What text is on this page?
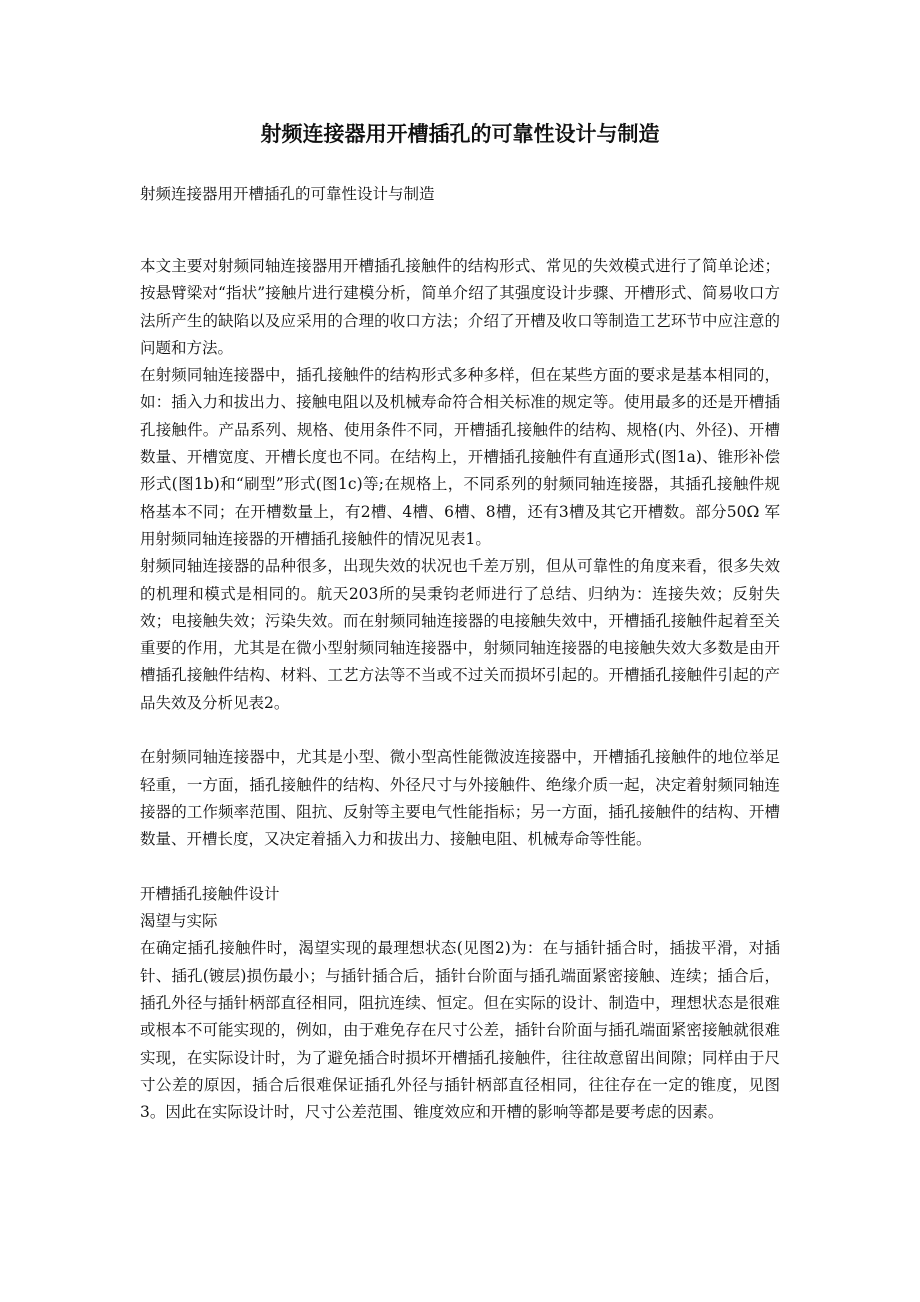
射频连接器用开槽插孔的可靠性设计与制造

射频连接器用开槽插孔的可靠性设计与制造

本文主要对射频同轴连接器用开槽插孔接触件的结构形式、常见的失效模式进行了简单论述；按悬臂梁对“指状”接触片进行建模分析，简单介绍了其强度设计步骤、开槽形式、简易收口方法所产生的缺陷以及应采用的合理的收口方法；介绍了开槽及收口等制造工艺环节中应注意的问题和方法。

在射频同轴连接器中，插孔接触件的结构形式多种多样，但在某些方面的要求是基本相同的，如：插入力和拔出力、接触电阻以及机械寿命符合相关标准的规定等。使用最多的还是开槽插孔接触件。产品系列、规格、使用条件不同，开槽插孔接触件的结构、规格(内、外径)、开槽数量、开槽宽度、开槽长度也不同。在结构上，开槽插孔接触件有直通形式(图1a)、锥形补偿形式(图1b)和“刷型”形式(图1c)等;在规格上，不同系列的射频同轴连接器，其插孔接触件规格基本不同；在开槽数量上，有2槽、4槽、6槽、8槽，还有3槽及其它开槽数。部分50Ω 军用射频同轴连接器的开槽插孔接触件的情况见表1。

射频同轴连接器的品种很多，出现失效的状况也千差万别，但从可靠性的角度来看，很多失效的机理和模式是相同的。航天203所的吴秉钧老师进行了总结、归纳为：连接失效；反射失效；电接触失效；污染失效。而在射频同轴连接器的电接触失效中，开槽插孔接触件起着至关重要的作用，尤其是在微小型射频同轴连接器中，射频同轴连接器的电接触失效大多数是由开槽插孔接触件结构、材料、工艺方法等不当或不过关而损坏引起的。开槽插孔接触件引起的产品失效及分析见表2。

在射频同轴连接器中，尤其是小型、微小型高性能微波连接器中，开槽插孔接触件的地位举足轻重，一方面，插孔接触件的结构、外径尺寸与外接触件、绝缘介质一起，决定着射频同轴连接器的工作频率范围、阻抗、反射等主要电气性能指标；另一方面，插孔接触件的结构、开槽数量、开槽长度，又决定着插入力和拔出力、接触电阻、机械寿命等性能。

开槽插孔接触件设计

渴望与实际

在确定插孔接触件时，渴望实现的最理想状态(见图2)为：在与插针插合时，插拔平滑，对插针、插孔(镀层)损伤最小；与插针插合后，插针台阶面与插孔端面紧密接触、连续；插合后，插孔外径与插针柄部直径相同，阻抗连续、恒定。但在实际的设计、制造中，理想状态是很难或根本不可能实现的，例如，由于难免存在尺寸公差，插针台阶面与插孔端面紧密接触就很难实现，在实际设计时，为了避免插合时损坏开槽插孔接触件，往往故意留出间隙；同样由于尺寸公差的原因，插合后很难保证插孔外径与插针柄部直径相同，往往存在一定的锥度，见图3。因此在实际设计时，尺寸公差范围、锥度效应和开槽的影响等都是要考虑的因素。
